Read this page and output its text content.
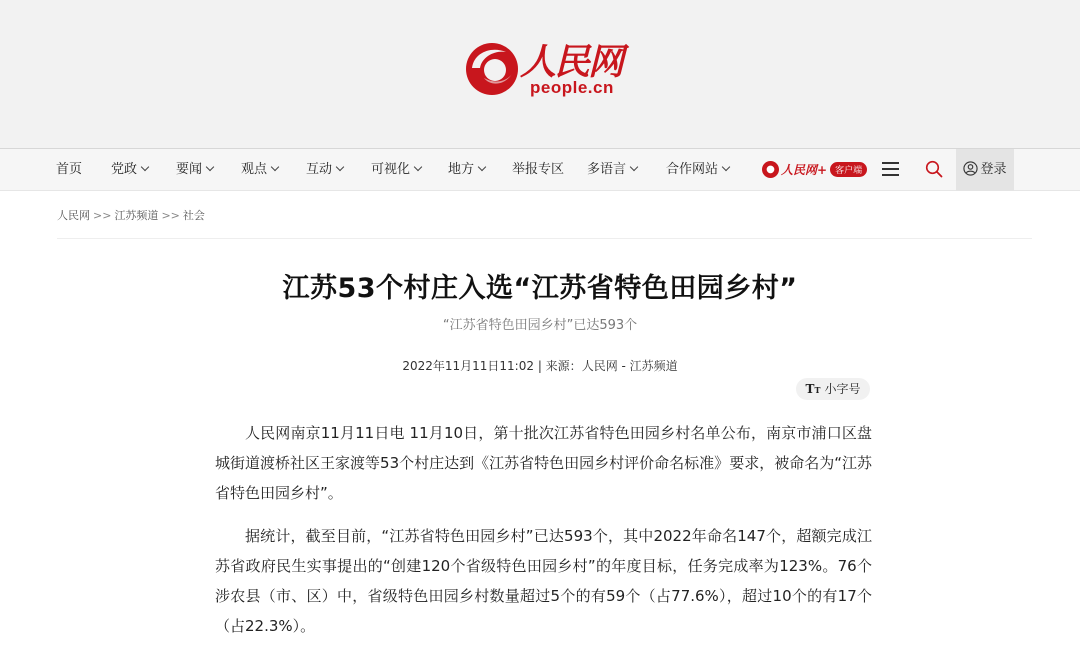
人民网
people.cn
首页 党政	要闻	观点	互动	可视化	地方	举报专区 多语言	合作网站	● 人民网+ 客户端	登录
人民网 >> 江苏频道 >> 社会
江苏53个村庄入选“江苏省特色田园乡村”
“江苏省特色田园乡村”已达593个
2022年11月11日11:02 | 来源：人民网 - 江苏频道
TT 小字号

人民网南京11月11日电 11月10日，第十批次江苏省特色田园乡村名单公布，南京市浦口区盘城街道渡桥社区王家渡等53个村庄达到《江苏省特色田园乡村评价命名标准》要求，被命名为“江苏省特色田园乡村”。

据统计，截至目前，“江苏省特色田园乡村”已达593个，其中2022年命名147个，超额完成江苏省政府民生实事提出的“创建120个省级特色田园乡村”的年度目标，任务完成率为123%。76个涉农县（市、区）中，省级特色田园乡村数量超过5个的有59个（占77.6%），超过10个的有17个（占22.3%）。
